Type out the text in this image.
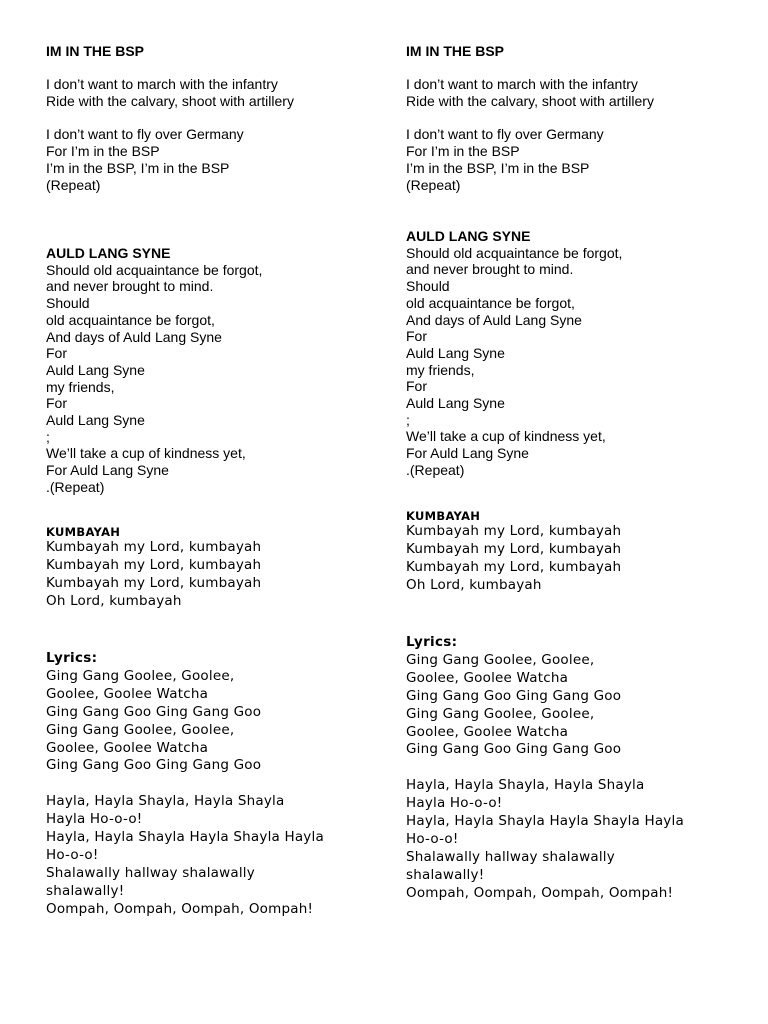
IM IN THE BSP
I don’t want to march with the infantry
Ride with the calvary, shoot with artillery
I don’t want to fly over Germany
For I’m in the BSP
I’m in the BSP, I’m in the BSP
(Repeat)
AULD LANG SYNE
Should old acquaintance be forgot,
and never brought to mind.
Should
old acquaintance be forgot,
And days of Auld Lang Syne
For
Auld Lang Syne
my friends,
For
Auld Lang Syne
;
We’ll take a cup of kindness yet,
For Auld Lang Syne
.(Repeat)
KUMBAYAH
Kumbayah my Lord, kumbayah
Kumbayah my Lord, kumbayah
Kumbayah my Lord, kumbayah
Oh Lord, kumbayah
Lyrics:
Ging Gang Goolee, Goolee,
Goolee, Goolee Watcha
Ging Gang Goo Ging Gang Goo
Ging Gang Goolee, Goolee,
Goolee, Goolee Watcha
Ging Gang Goo Ging Gang Goo
Hayla, Hayla Shayla, Hayla Shayla
Hayla Ho-o-o!
Hayla, Hayla Shayla Hayla Shayla Hayla
Ho-o-o!
Shalawally hallway shalawally
shalawally!
Oompah, Oompah, Oompah, Oompah!
IM IN THE BSP
I don’t want to march with the infantry
Ride with the calvary, shoot with artillery
I don’t want to fly over Germany
For I’m in the BSP
I’m in the BSP, I’m in the BSP
(Repeat)
AULD LANG SYNE
Should old acquaintance be forgot,
and never brought to mind.
Should
old acquaintance be forgot,
And days of Auld Lang Syne
For
Auld Lang Syne
my friends,
For
Auld Lang Syne
;
We’ll take a cup of kindness yet,
For Auld Lang Syne
.(Repeat)
KUMBAYAH
Kumbayah my Lord, kumbayah
Kumbayah my Lord, kumbayah
Kumbayah my Lord, kumbayah
Oh Lord, kumbayah
Lyrics:
Ging Gang Goolee, Goolee,
Goolee, Goolee Watcha
Ging Gang Goo Ging Gang Goo
Ging Gang Goolee, Goolee,
Goolee, Goolee Watcha
Ging Gang Goo Ging Gang Goo
Hayla, Hayla Shayla, Hayla Shayla
Hayla Ho-o-o!
Hayla, Hayla Shayla Hayla Shayla Hayla
Ho-o-o!
Shalawally hallway shalawally
shalawally!
Oompah, Oompah, Oompah, Oompah!
